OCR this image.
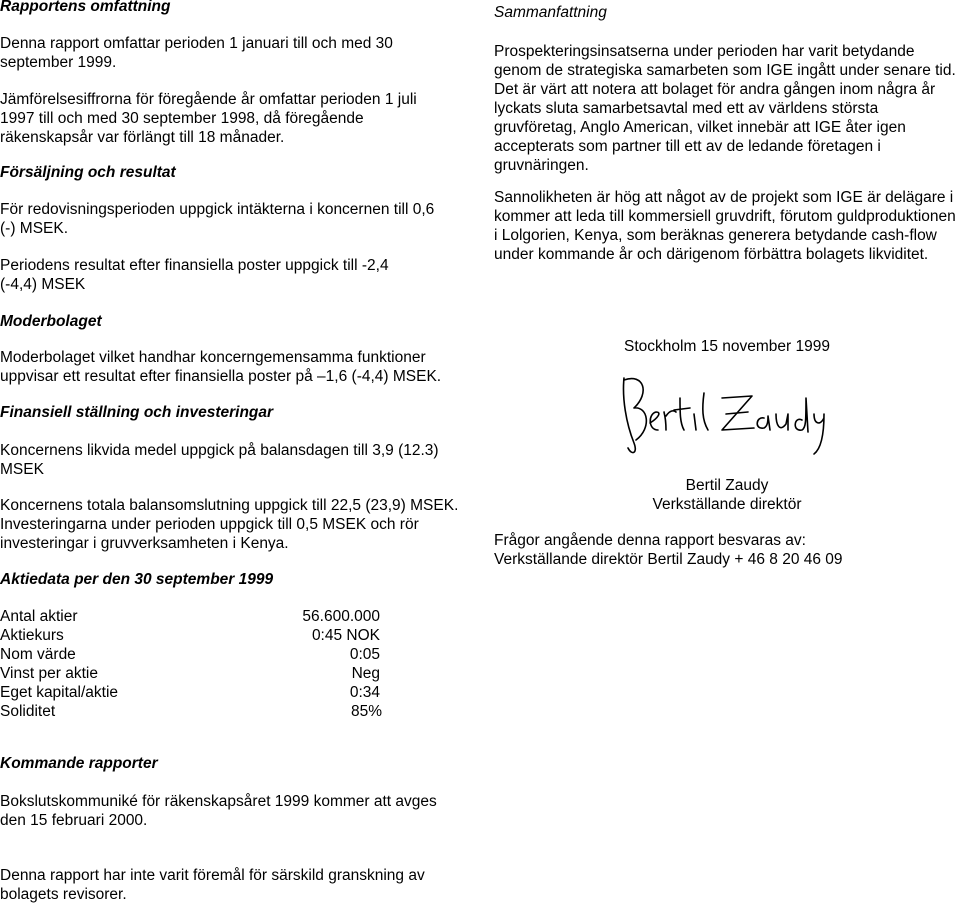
Rapportens omfattning

Denna rapport omfattar perioden 1 januari till och med 30 september 1999.

Jämförelsesiffrorna för föregående år omfattar perioden 1 juli 1997 till och med 30 september 1998, då föregående räkenskapsår var förlängt till 18 månader.

Försäljning och resultat

För redovisningsperioden uppgick intäkterna i koncernen till 0,6 (-) MSEK.

Periodens resultat efter finansiella poster uppgick till -2,4 (-4,4) MSEK

Moderbolaget

Moderbolaget vilket handhar koncerngemensamma funktioner uppvisar ett resultat efter finansiella poster på –1,6 (-4,4) MSEK.

Finansiell ställning och investeringar

Koncernens likvida medel uppgick på balansdagen till 3,9 (12.3) MSEK

Koncernens totala balansomslutning uppgick till 22,5 (23,9) MSEK. Investeringarna under perioden uppgick till 0,5 MSEK och rör investeringar i gruvverksamheten i Kenya.

Aktiedata per den 30 september 1999
Antal aktier	56.600.000
Aktiekurs	0:45 NOK
Nom värde	0:05
Vinst per aktie	Neg
Eget kapital/aktie	0:34
Soliditet	85%
Kommande rapporter

Bokslutskommuniké för räkenskapsåret 1999 kommer att avges den 15 februari 2000.

Denna rapport har inte varit föremål för särskild granskning av bolagets revisorer.

Sammanfattning

Prospekteringsinsatserna under perioden har varit betydande genom de strategiska samarbeten som IGE ingått under senare tid. Det är värt att notera att bolaget för andra gången inom några år lyckats sluta samarbetsavtal med ett av världens största gruvföretag, Anglo American, vilket innebär att IGE åter igen accepterats som partner till ett av de ledande företagen i gruvnäringen.

Sannolikheten är hög att något av de projekt som IGE är delägare i kommer att leda till kommersiell gruvdrift, förutom guldproduktionen i Lolgorien, Kenya, som beräknas generera betydande cash-flow under kommande år och därigenom förbättra bolagets likviditet.

Stockholm 15 november 1999
Bertil Zaudy
Verkställande direktör
Frågor angående denna rapport besvaras av:
Verkställande direktör Bertil Zaudy + 46 8 20 46 09
